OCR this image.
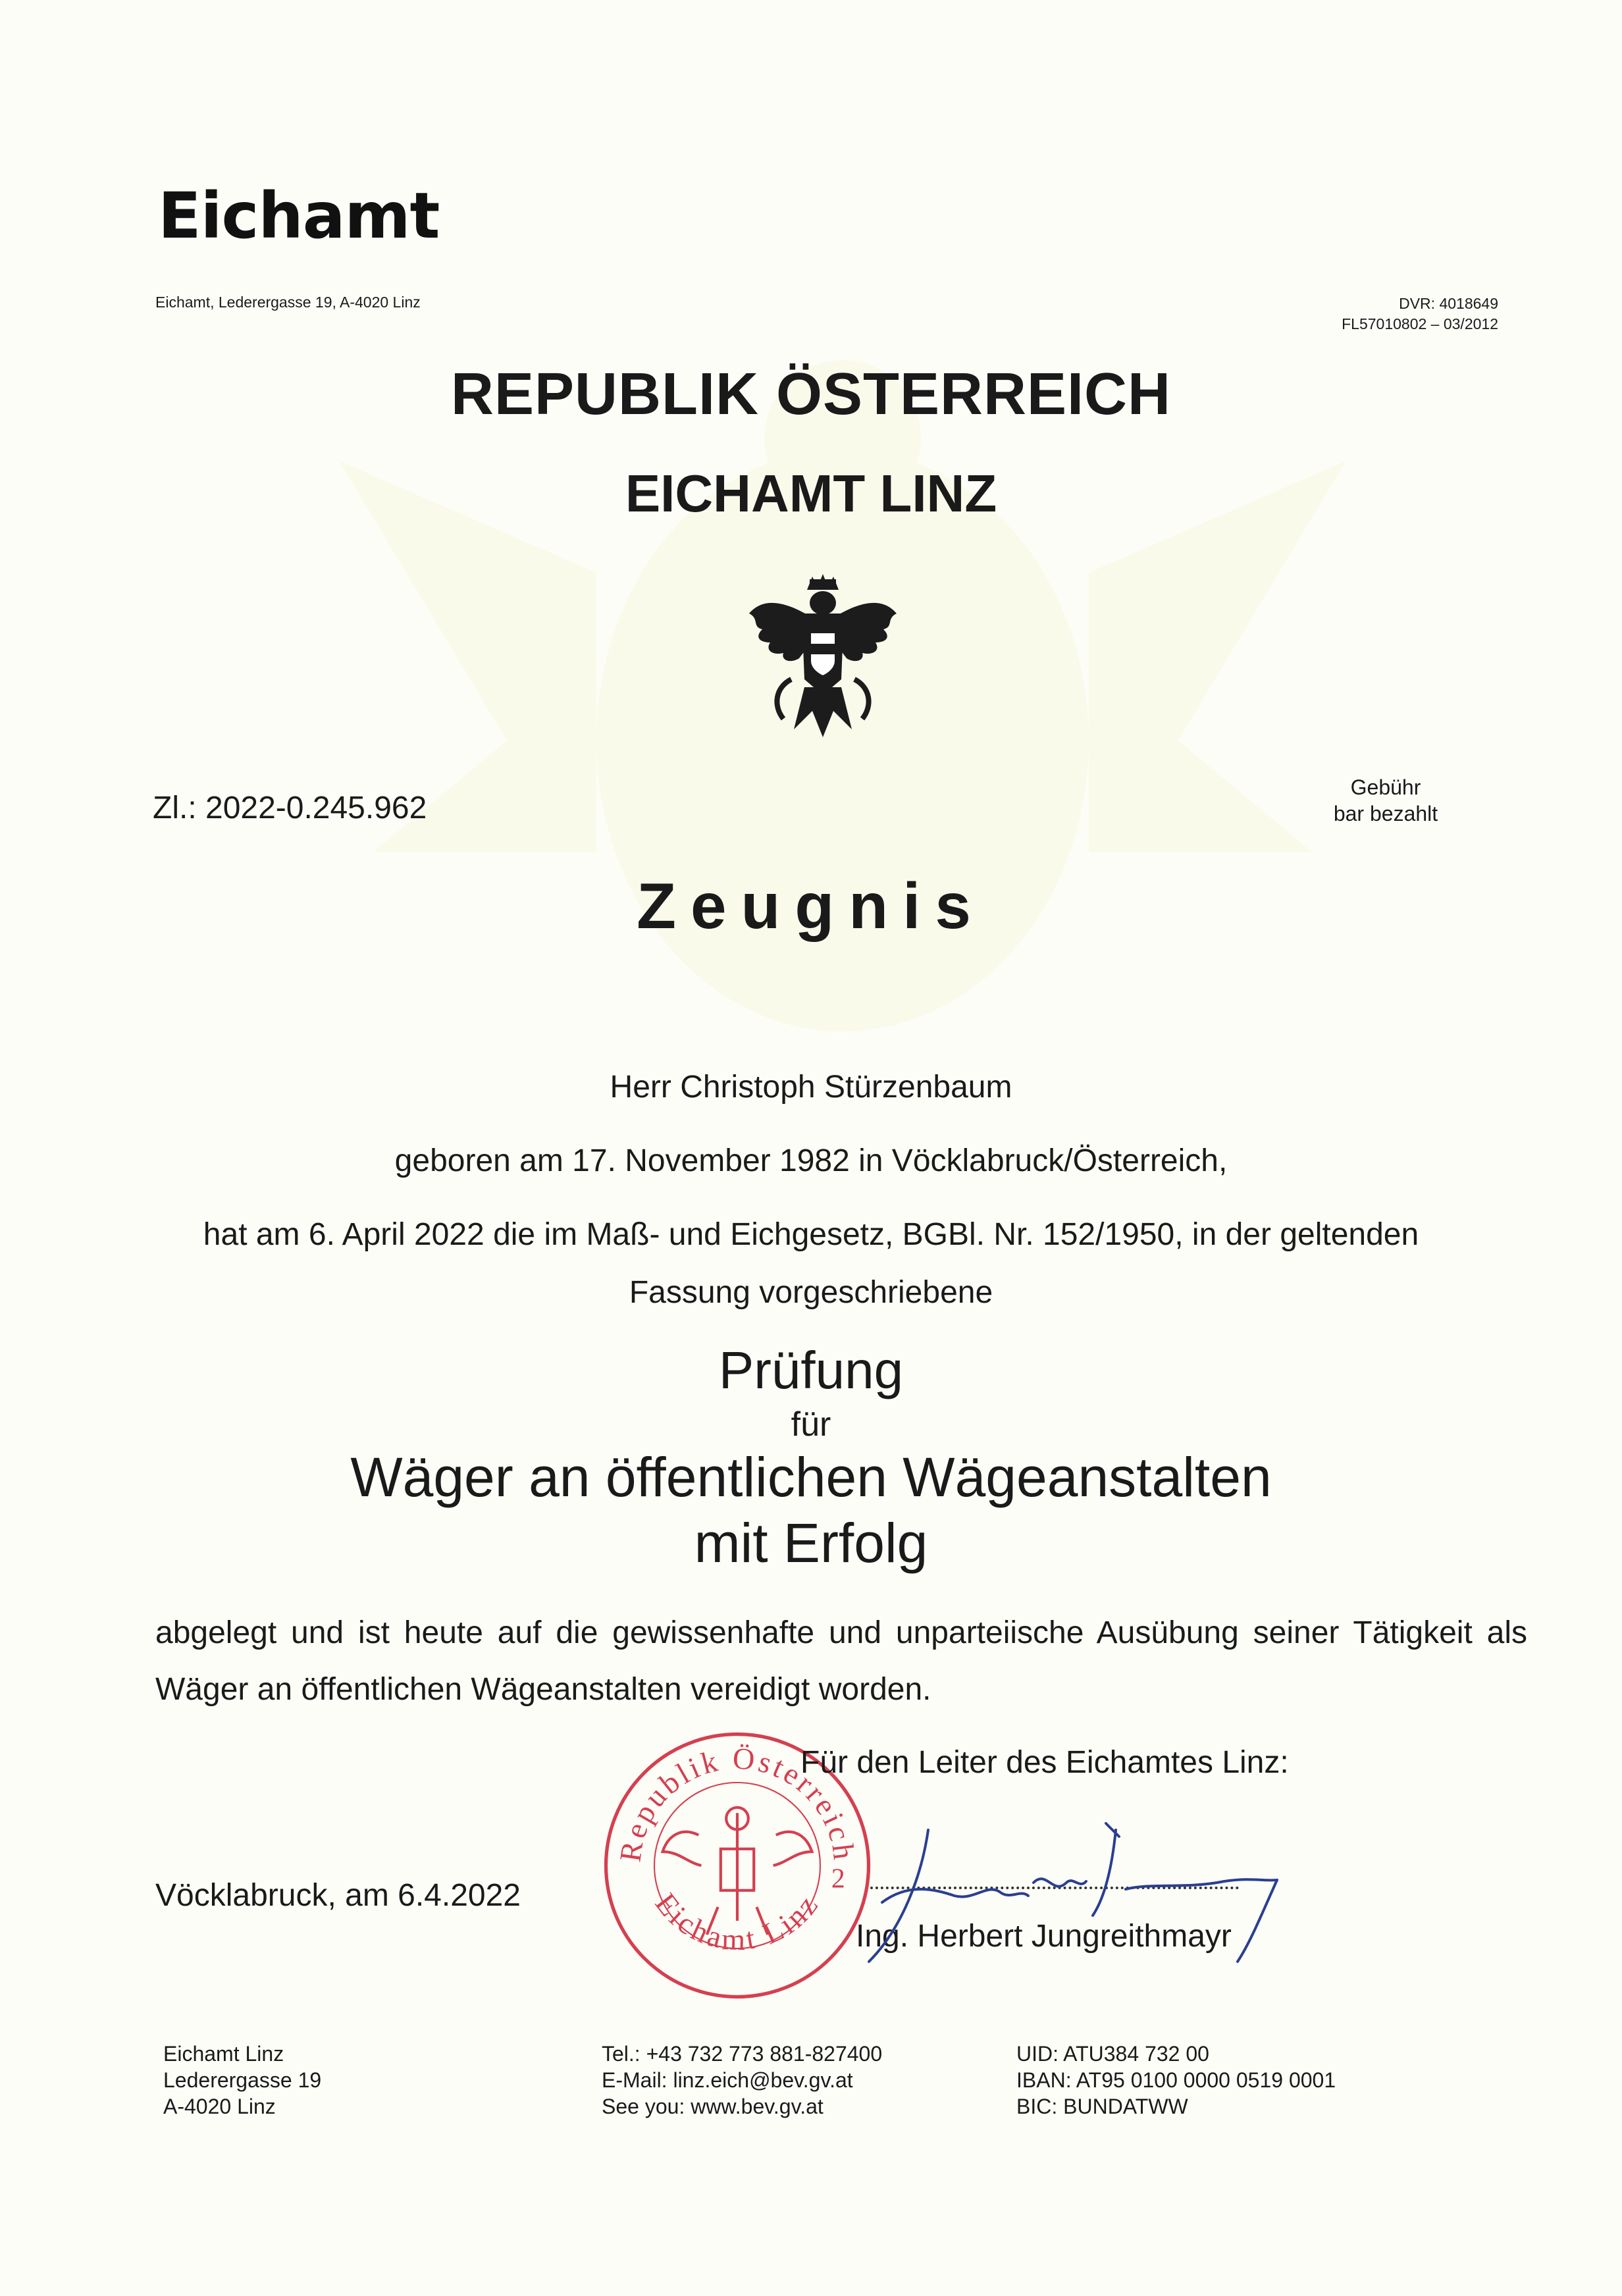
Eichamt
Eichamt, Lederergasse 19, A-4020 Linz	DVR: 4018649
FL57010802 – 03/2012
REPUBLIK ÖSTERREICH
EICHAMT LINZ
Zl.: 2022-0.245.962
Gebühr
bar bezahlt
Zeugnis
Herr Christoph Stürzenbaum
geboren am 17. November 1982 in Vöcklabruck/Österreich,
hat am 6. April 2022 die im Maß- und Eichgesetz, BGBl. Nr. 152/1950, in der geltenden
Fassung vorgeschriebene
Prüfung
für
Wäger an öffentlichen Wägeanstalten
mit Erfolg
abgelegt und ist heute auf die gewissenhafte und unparteiische Ausübung seiner Tätigkeit als Wäger an öffentlichen Wägeanstalten vereidigt worden.
Republik Österreich
Eichamt Linz
2
Für den Leiter des Eichamtes Linz:
Vöcklabruck, am 6.4.2022
Ing. Herbert Jungreithmayr
Eichamt Linz
Lederergasse 19
A-4020 Linz
Tel.: +43 732 773 881-827400
E-Mail: linz.eich@bev.gv.at
See you: www.bev.gv.at
UID: ATU384 732 00
IBAN: AT95 0100 0000 0519 0001
BIC: BUNDATWW
